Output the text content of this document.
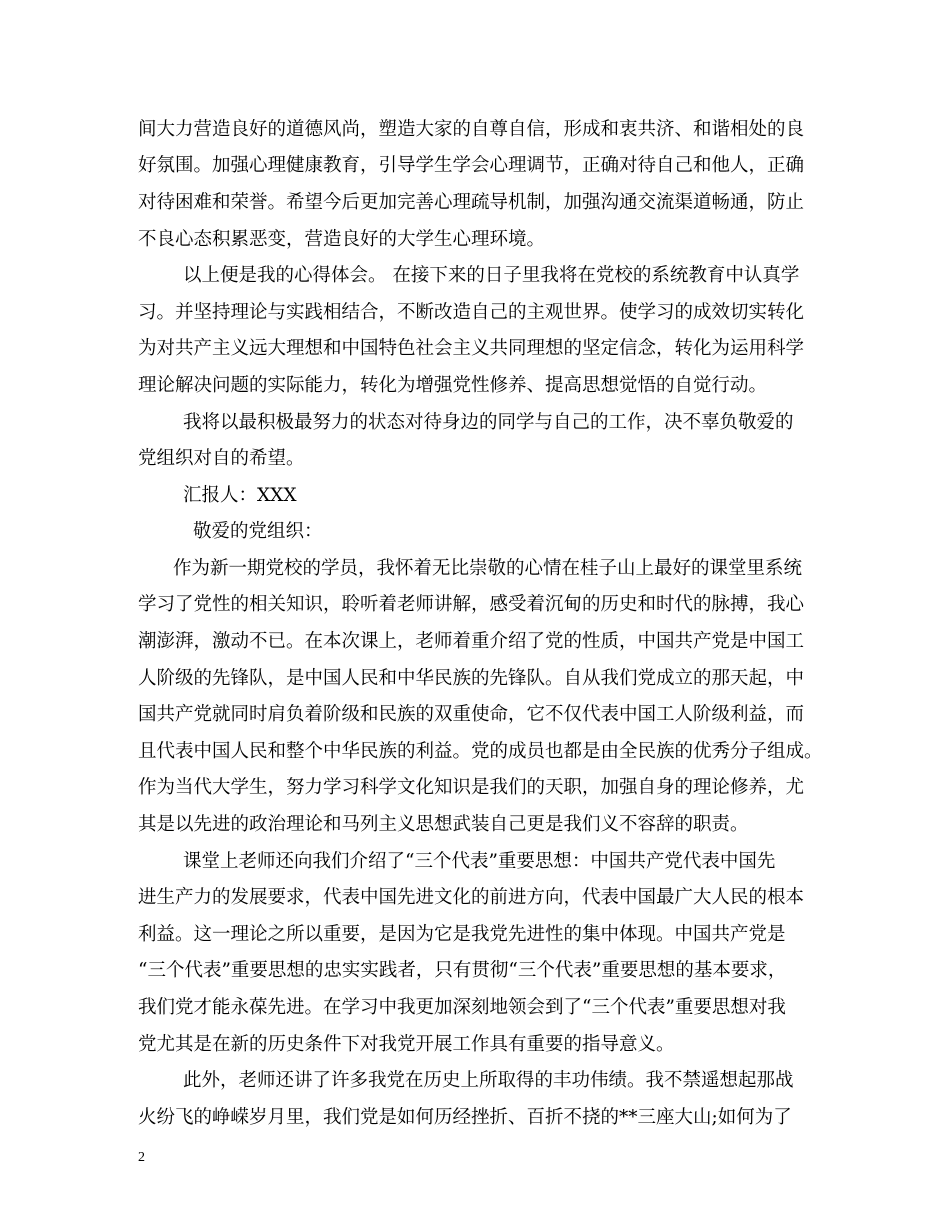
间大力营造良好的道德风尚，塑造大家的自尊自信，形成和衷共济、和谐相处的良
好氛围。加强心理健康教育，引导学生学会心理调节，正确对待自己和他人，正确
对待困难和荣誉。希望今后更加完善心理疏导机制，加强沟通交流渠道畅通，防止
不良心态积累恶变，营造良好的大学生心理环境。
以上便是我的心得体会。 在接下来的日子里我将在党校的系统教育中认真学
习。并坚持理论与实践相结合，不断改造自己的主观世界。使学习的成效切实转化
为对共产主义远大理想和中国特色社会主义共同理想的坚定信念，转化为运用科学
理论解决问题的实际能力，转化为增强党性修养、提高思想觉悟的自觉行动。
我将以最积极最努力的状态对待身边的同学与自己的工作，决不辜负敬爱的
党组织对自的希望。
汇报人：XXX
敬爱的党组织：
作为新一期党校的学员，我怀着无比崇敬的心情在桂子山上最好的课堂里系统
学习了党性的相关知识，聆听着老师讲解，感受着沉甸的历史和时代的脉搏，我心
潮澎湃，激动不已。在本次课上，老师着重介绍了党的性质，中国共产党是中国工
人阶级的先锋队，是中国人民和中华民族的先锋队。自从我们党成立的那天起，中
国共产党就同时肩负着阶级和民族的双重使命，它不仅代表中国工人阶级利益，而
且代表中国人民和整个中华民族的利益。党的成员也都是由全民族的优秀分子组成。
作为当代大学生，努力学习科学文化知识是我们的天职，加强自身的理论修养，尤
其是以先进的政治理论和马列主义思想武装自己更是我们义不容辞的职责。
课堂上老师还向我们介绍了“三个代表”重要思想：中国共产党代表中国先
进生产力的发展要求，代表中国先进文化的前进方向，代表中国最广大人民的根本
利益。这一理论之所以重要，是因为它是我党先进性的集中体现。中国共产党是
“三个代表”重要思想的忠实实践者，只有贯彻“三个代表”重要思想的基本要求，
我们党才能永葆先进。在学习中我更加深刻地领会到了“三个代表”重要思想对我
党尤其是在新的历史条件下对我党开展工作具有重要的指导意义。
此外，老师还讲了许多我党在历史上所取得的丰功伟绩。我不禁遥想起那战
火纷飞的峥嵘岁月里，我们党是如何历经挫折、百折不挠的**三座大山;如何为了
2
